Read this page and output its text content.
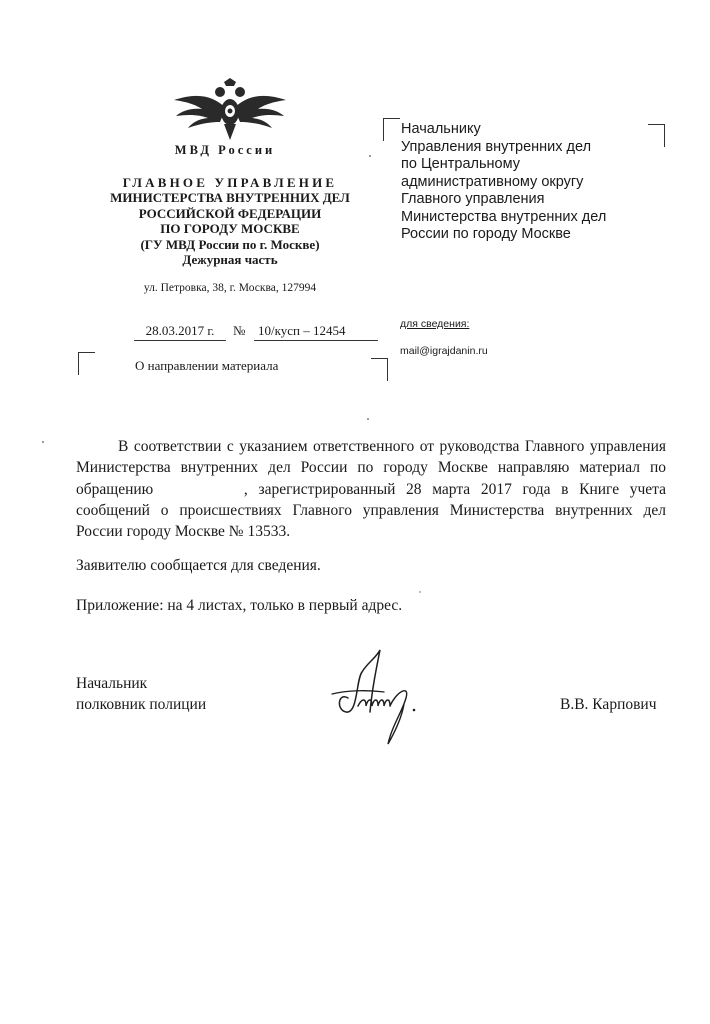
МВД России
ГЛАВНОЕ УПРАВЛЕНИЕ
МИНИСТЕРСТВА ВНУТРЕННИХ ДЕЛ
РОССИЙСКОЙ ФЕДЕРАЦИИ
ПО ГОРОДУ МОСКВЕ
(ГУ МВД России по г. Москве)
Дежурная часть
ул. Петровка, 38, г. Москва, 127994
28.03.2017 г.	№ 10/кусп – 12454
О направлении материала
Начальнику
Управления внутренних дел
по Центральному
административному округу
Главного управления
Министерства внутренних дел
России по городу Москве
для сведения:
mail@igrajdanin.ru
В соответствии с указанием ответственного от руководства Главного управления Министерства внутренних дел России по городу Москве направляю материал по обращению	, зарегистрированный 28 марта 2017 года в Книге учета сообщений о происшествиях Главного управления Министерства внутренних дел России городу Москве № 13533.
Заявителю сообщается для сведения.
Приложение: на 4 листах, только в первый адрес.
Начальник
полковник полиции	В.В. Карпович
